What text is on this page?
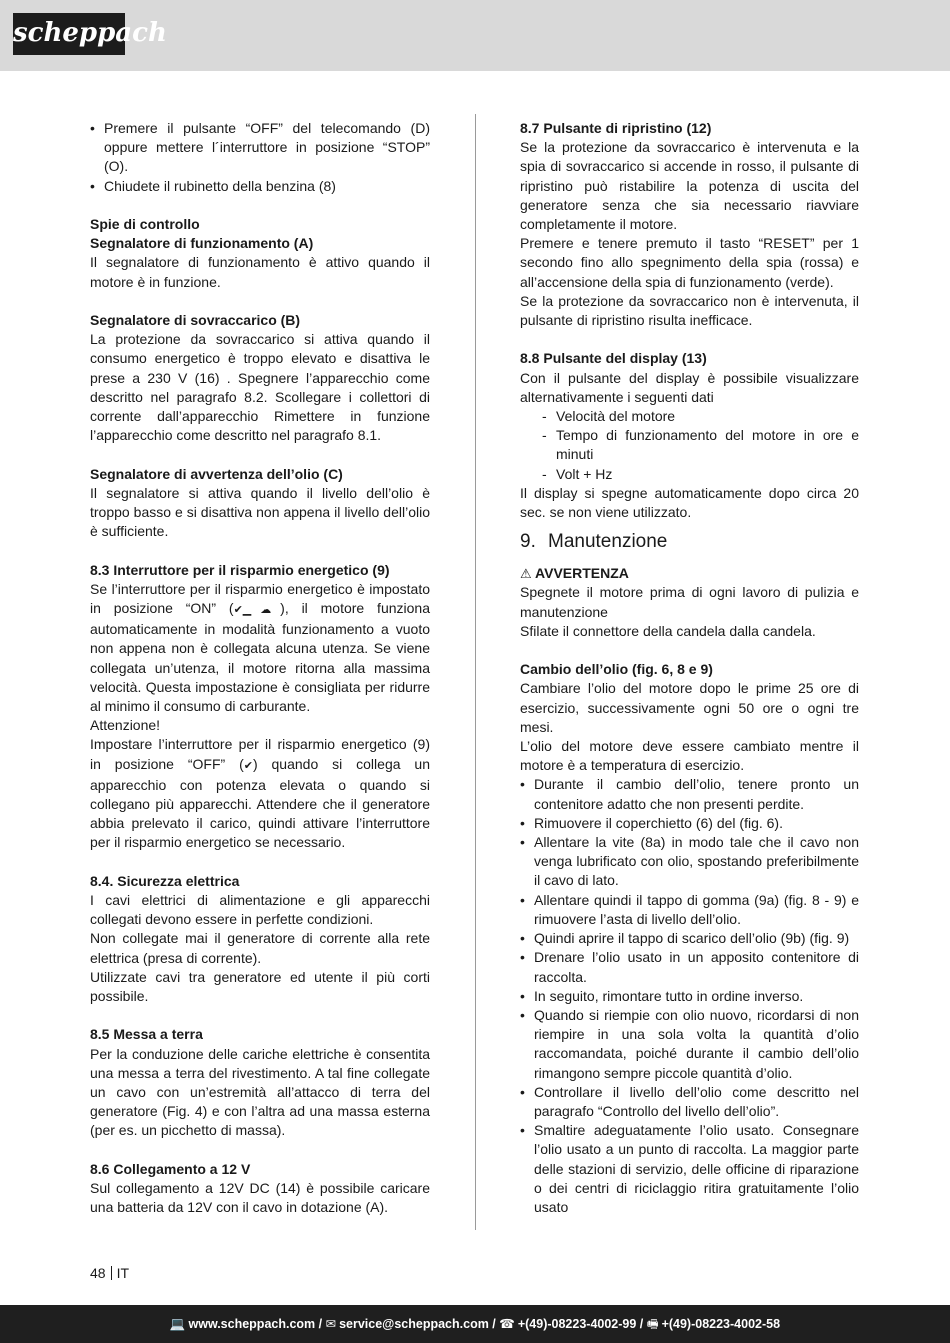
scheppach
• Premere il pulsante “OFF” del telecomando (D) oppure mettere l´interruttore in posizione “STOP” (O).
• Chiudete il rubinetto della benzina (8)

Spie di controllo

Segnalatore di funzionamento (A)

Il segnalatore di funzionamento è attivo quando il motore è in funzione.

Segnalatore di sovraccarico (B)

La protezione da sovraccarico si attiva quando il consumo energetico è troppo elevato e disattiva le prese a 230 V (16) . Spegnere l’apparecchio come descritto nel paragrafo 8.2. Scollegare i collettori di corrente dall’apparecchio Rimettere in funzione l’apparecchio come descritto nel paragrafo 8.1.

Segnalatore di avvertenza dell’olio (C)

Il segnalatore si attiva quando il livello dell’olio è troppo basso e si disattiva non appena il livello dell’olio è sufficiente.

8.3 Interruttore per il risparmio energetico (9)

Se l’interruttore per il risparmio energetico è impostato in posizione “ON” (✔▁☁), il motore funziona automaticamente in modalità funzionamento a vuoto non appena non è collegata alcuna utenza. Se viene collegata un’utenza, il motore ritorna alla massima velocità. Questa impostazione è consigliata per ridurre al minimo il consumo di carburante.

Attenzione!

Impostare l’interruttore per il risparmio energetico (9) in posizione “OFF” (✔) quando si collega un apparecchio con potenza elevata o quando si collegano più apparecchi. Attendere che il generatore abbia prelevato il carico, quindi attivare l’interruttore per il risparmio energetico se necessario.

8.4. Sicurezza elettrica

I cavi elettrici di alimentazione e gli apparecchi collegati devono essere in perfette condizioni.

Non collegate mai il generatore di corrente alla rete elettrica (presa di corrente).

Utilizzate cavi tra generatore ed utente il più corti possibile.

8.5 Messa a terra

Per la conduzione delle cariche elettriche è consentita una messa a terra del rivestimento. A tal fine collegate un cavo con un’estremità all’attacco di terra del generatore (Fig. 4) e con l’altra ad una massa esterna (per es. un picchetto di massa).

8.6 Collegamento a 12 V

Sul collegamento a 12V DC (14) è possibile caricare una batteria da 12V con il cavo in dotazione (A).

8.7 Pulsante di ripristino (12)

Se la protezione da sovraccarico è intervenuta e la spia di sovraccarico si accende in rosso, il pulsante di ripristino può ristabilire la potenza di uscita del generatore senza che sia necessario riavviare completamente il motore.

Premere e tenere premuto il tasto “RESET” per 1 secondo fino allo spegnimento della spia (rossa) e all’accensione della spia di funzionamento (verde).

Se la protezione da sovraccarico non è intervenuta, il pulsante di ripristino risulta inefficace.

8.8 Pulsante del display (13)

Con il pulsante del display è possibile visualizzare alternativamente i seguenti dati

- Velocità del motore
- Tempo di funzionamento del motore in ore e minuti
- Volt + Hz

Il display si spegne automaticamente dopo circa 20 sec. se non viene utilizzato.

9. Manutenzione

⚠ AVVERTENZA

Spegnete il motore prima di ogni lavoro di pulizia e manutenzione

Sfilate il connettore della candela dalla candela.

Cambio dell’olio (fig. 6, 8 e 9)

Cambiare l’olio del motore dopo le prime 25 ore di esercizio, successivamente ogni 50 ore o ogni tre mesi.

L’olio del motore deve essere cambiato mentre il motore è a temperatura di esercizio.

• Durante il cambio dell’olio, tenere pronto un contenitore adatto che non presenti perdite.
• Rimuovere il coperchietto (6) del (fig. 6).
• Allentare la vite (8a) in modo tale che il cavo non venga lubrificato con olio, spostando preferibilmente il cavo di lato.
• Allentare quindi il tappo di gomma (9a) (fig. 8 - 9) e rimuovere l’asta di livello dell’olio.
• Quindi aprire il tappo di scarico dell’olio (9b) (fig. 9)
• Drenare l’olio usato in un apposito contenitore di raccolta.
• In seguito, rimontare tutto in ordine inverso.
• Quando si riempie con olio nuovo, ricordarsi di non riempire in una sola volta la quantità d’olio raccomandata, poiché durante il cambio dell’olio rimangono sempre piccole quantità d’olio.
• Controllare il livello dell’olio come descritto nel paragrafo “Controllo del livello dell’olio”.
• Smaltire adeguatamente l’olio usato. Consegnare l’olio usato a un punto di raccolta. La maggior parte delle stazioni di servizio, delle officine di riparazione o dei centri di riciclaggio ritira gratuitamente l’olio usato
48 IT
💻 www.scheppach.com / ✉ service@scheppach.com / ☎ +(49)-08223-4002-99 / 🖷 +(49)-08223-4002-58
